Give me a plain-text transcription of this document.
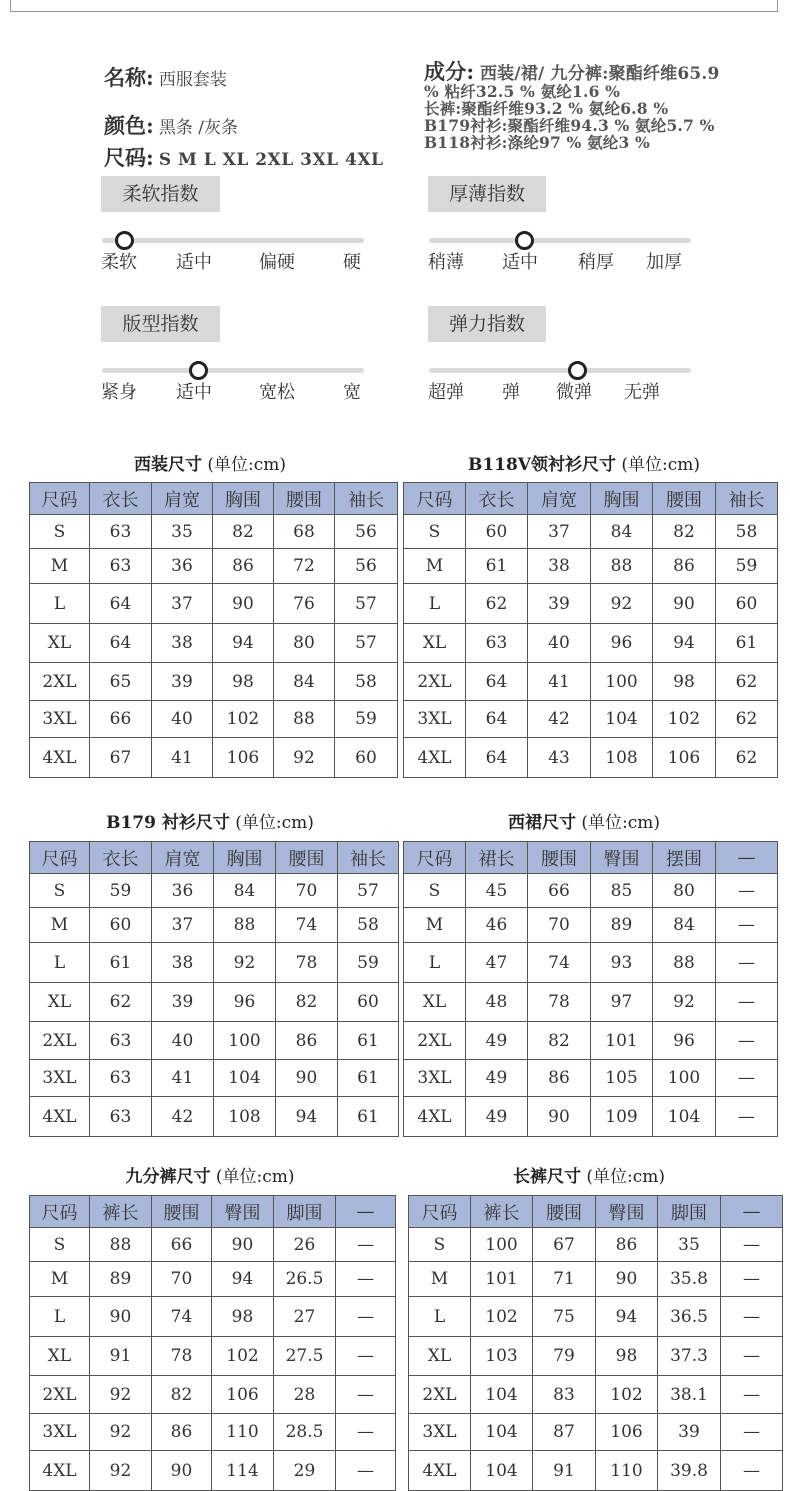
名称: 西服套装
颜色: 黑条 /灰条
尺码: S M L XL 2XL 3XL 4XL
成分: 西装/裙/ 九分裤:聚酯纤维65.9
% 粘纤32.5 % 氨纶1.6 %
长裤:聚酯纤维93.2 % 氨纶6.8 %
B179衬衫:聚酯纤维94.3 % 氨纶5.7 %
B118衬衫:涤纶97 % 氨纶3 %
柔软指数
柔软 适中	偏硬	硬
厚薄指数
稍薄 适中 稍厚 加厚
版型指数
紧身 适中	宽松	宽
弹力指数
超弹 弹 微弹 无弹
西装尺寸 (单位:cm)
尺码	衣长	肩宽	胸围	腰围	袖长
S	63	35	82	68	56
M	63	36	86	72	56
L	64	37	90	76	57
XL	64	38	94	80	57
2XL	65	39	98	84	58
3XL	66	40	102	88	59
4XL	67	41	106	92	60
B118V领衬衫尺寸 (单位:cm)
尺码	衣长	肩宽	胸围	腰围	袖长
S	60	37	84	82	58
M	61	38	88	86	59
L	62	39	92	90	60
XL	63	40	96	94	61
2XL	64	41	100	98	62
3XL	64	42	104	102	62
4XL	64	43	108	106	62
B179 衬衫尺寸 (单位:cm)
尺码	衣长	肩宽	胸围	腰围	袖长
S	59	36	84	70	57
M	60	37	88	74	58
L	61	38	92	78	59
XL	62	39	96	82	60
2XL	63	40	100	86	61
3XL	63	41	104	90	61
4XL	63	42	108	94	61
西裙尺寸 (单位:cm)
尺码	裙长	腰围	臀围	摆围	—
S	45	66	85	80	—
M	46	70	89	84	—
L	47	74	93	88	—
XL	48	78	97	92	—
2XL	49	82	101	96	—
3XL	49	86	105	100	—
4XL	49	90	109	104	—
九分裤尺寸 (单位:cm)
尺码	裤长	腰围	臀围	脚围	—
S	88	66	90	26	—
M	89	70	94	26.5	—
L	90	74	98	27	—
XL	91	78	102	27.5	—
2XL	92	82	106	28	—
3XL	92	86	110	28.5	—
4XL	92	90	114	29	—
长裤尺寸 (单位:cm)
尺码	裤长	腰围	臀围	脚围	—
S	100	67	86	35	—
M	101	71	90	35.8	—
L	102	75	94	36.5	—
XL	103	79	98	37.3	—
2XL	104	83	102	38.1	—
3XL	104	87	106	39	—
4XL	104	91	110	39.8	—
